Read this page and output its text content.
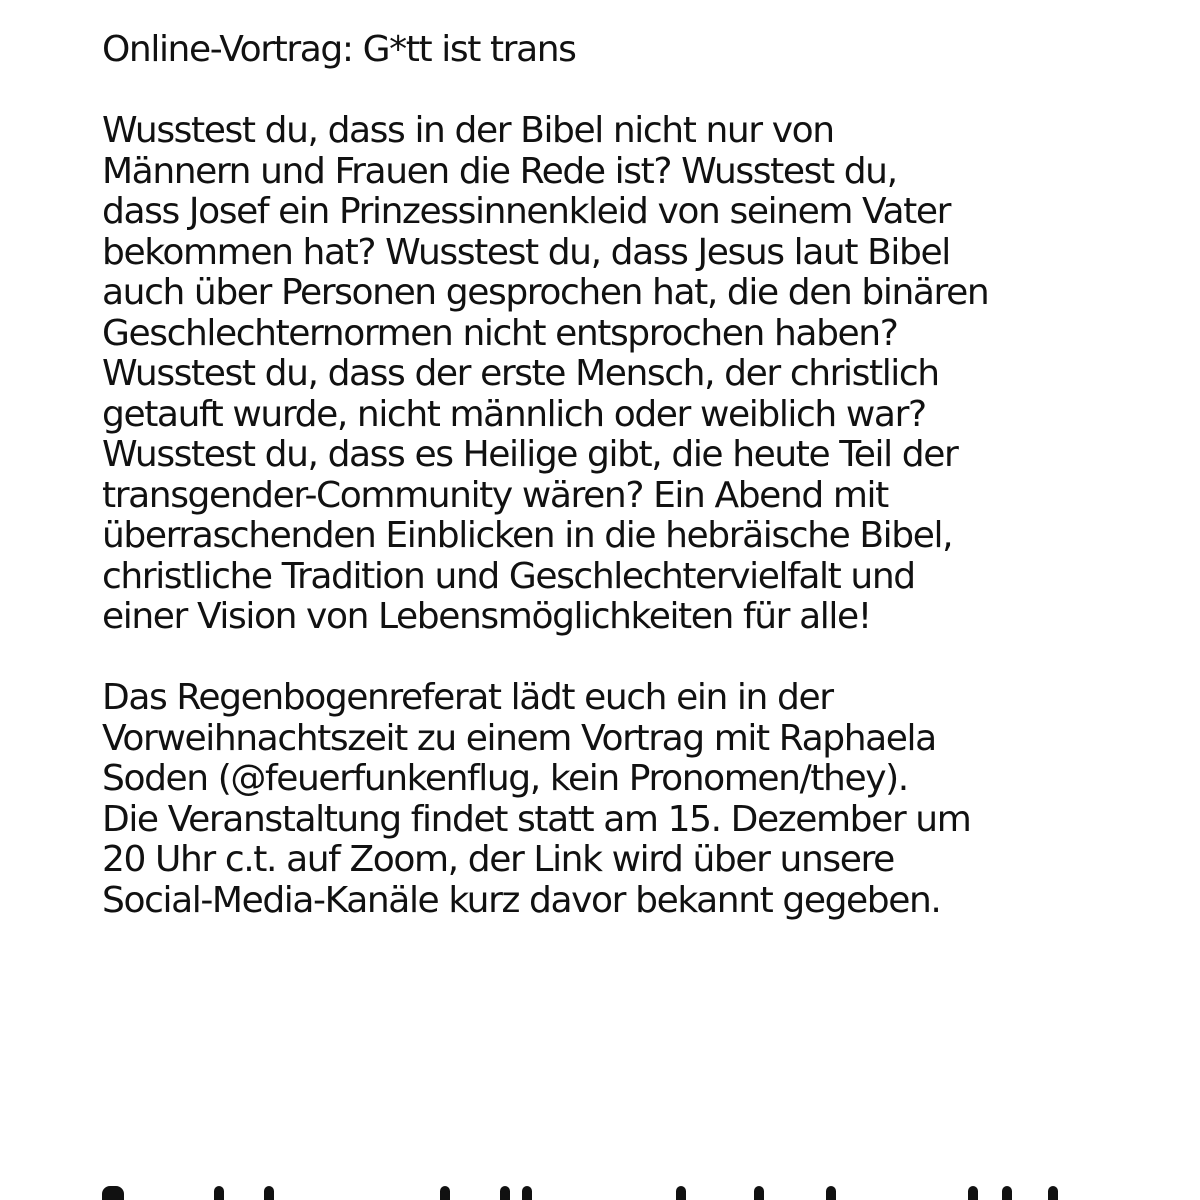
Online-Vortrag: G*tt ist trans
Wusstest du, dass in der Bibel nicht nur von
Männern und Frauen die Rede ist? Wusstest du,
dass Josef ein Prinzessinnenkleid von seinem Vater
bekommen hat? Wusstest du, dass Jesus laut Bibel
auch über Personen gesprochen hat, die den binären
Geschlechternormen nicht entsprochen haben?
Wusstest du, dass der erste Mensch, der christlich
getauft wurde, nicht männlich oder weiblich war?
Wusstest du, dass es Heilige gibt, die heute Teil der
transgender-Community wären? Ein Abend mit
überraschenden Einblicken in die hebräische Bibel,
christliche Tradition und Geschlechtervielfalt und
einer Vision von Lebensmöglichkeiten für alle!
Das Regenbogenreferat lädt euch ein in der
Vorweihnachtszeit zu einem Vortrag mit Raphaela
Soden (@feuerfunkenflug, kein Pronomen/they).
Die Veranstaltung findet statt am 15. Dezember um
20 Uhr c.t. auf Zoom, der Link wird über unsere
Social-Media-Kanäle kurz davor bekannt gegeben.
